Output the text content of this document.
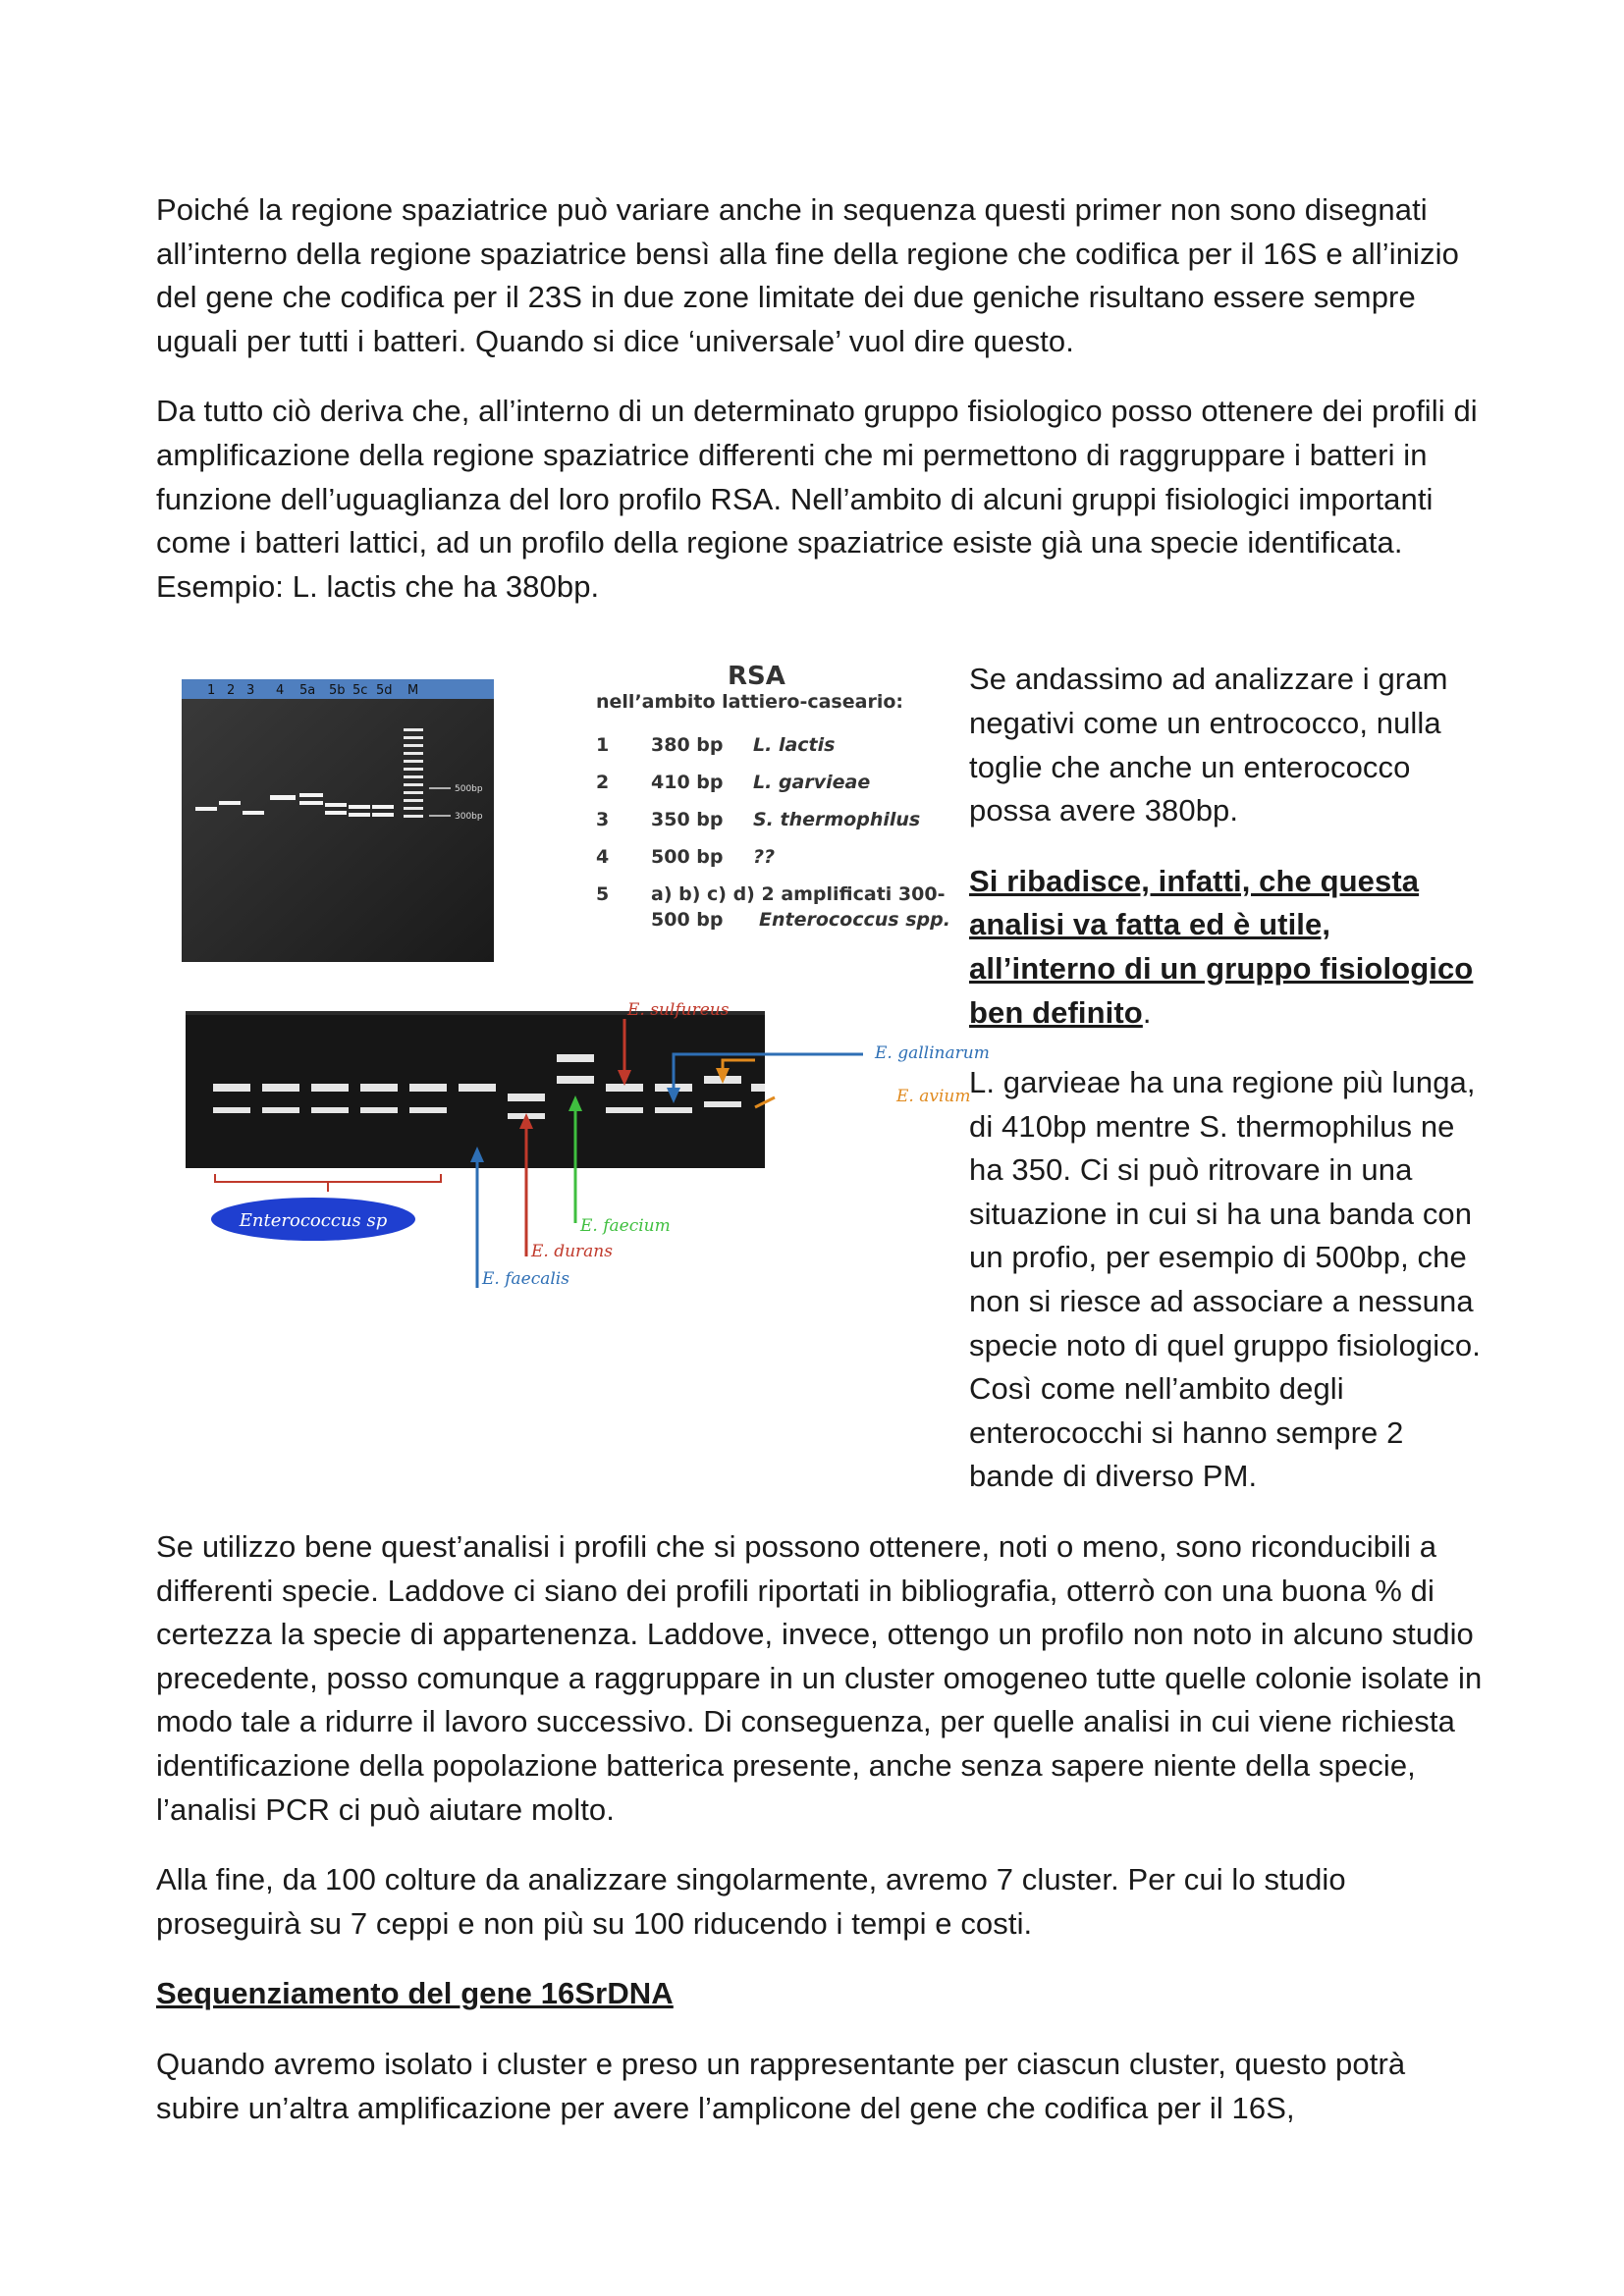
Poiché la regione spaziatrice può variare anche in sequenza questi primer non sono disegnati all’interno della regione spaziatrice bensì alla fine della regione che codifica per il 16S e all’inizio del gene che codifica per il 23S in due zone limitate dei due geniche risultano essere sempre uguali per tutti i batteri. Quando si dice ‘universale’ vuol dire questo.

Da tutto ciò deriva che, all’interno di un determinato gruppo fisiologico posso ottenere dei profili di amplificazione della regione spaziatrice differenti che mi permettono di raggruppare i batteri in funzione dell’uguaglianza del loro profilo RSA. Nell’ambito di alcuni gruppi fisiologici importanti come i batteri lattici, ad un profilo della regione spaziatrice esiste già una specie identificata. Esempio: L. lactis che ha 380bp.

1 2 3 4 5a 5b 5c 5d M
500bp
300bp
RSA
nell’ambito lattiero-caseario:
1 380 bp L. lactis
2 410 bp L. garvieae
3 350 bp S. thermophilus
4 500 bp ??
5 a) b) c) d) 2 amplificati 300-
500 bp Enterococcus spp.
Enterococcus sp
E. sulfureus
E. gallinarum
E. avium
E. faecium
E. durans
E. faecalis

Se andassimo ad analizzare i gram negativi come un entrococco, nulla toglie che anche un enterococco possa avere 380bp.

Si ribadisce, infatti, che questa analisi va fatta ed è utile, all’interno di un gruppo fisiologico ben definito.

L. garvieae ha una regione più lunga, di 410bp mentre S. thermophilus ne ha 350. Ci si può ritrovare in una situazione in cui si ha una banda con un profio, per esempio di 500bp, che non si riesce ad associare a nessuna specie noto di quel gruppo fisiologico. Così come nell’ambito degli enterococchi si hanno sempre 2 bande di diverso PM.

Se utilizzo bene quest’analisi i profili che si possono ottenere, noti o meno, sono riconducibili a differenti specie. Laddove ci siano dei profili riportati in bibliografia, otterrò con una buona % di certezza la specie di appartenenza. Laddove, invece, ottengo un profilo non noto in alcuno studio precedente, posso comunque a raggruppare in un cluster omogeneo tutte quelle colonie isolate in modo tale a ridurre il lavoro successivo. Di conseguenza, per quelle analisi in cui viene richiesta identificazione della popolazione batterica presente, anche senza sapere niente della specie, l’analisi PCR ci può aiutare molto.

Alla fine, da 100 colture da analizzare singolarmente, avremo 7 cluster. Per cui lo studio proseguirà su 7 ceppi e non più su 100 riducendo i tempi e costi.

Sequenziamento del gene 16SrDNA

Quando avremo isolato i cluster e preso un rappresentante per ciascun cluster, questo potrà subire un’altra amplificazione per avere l’amplicone del gene che codifica per il 16S,
